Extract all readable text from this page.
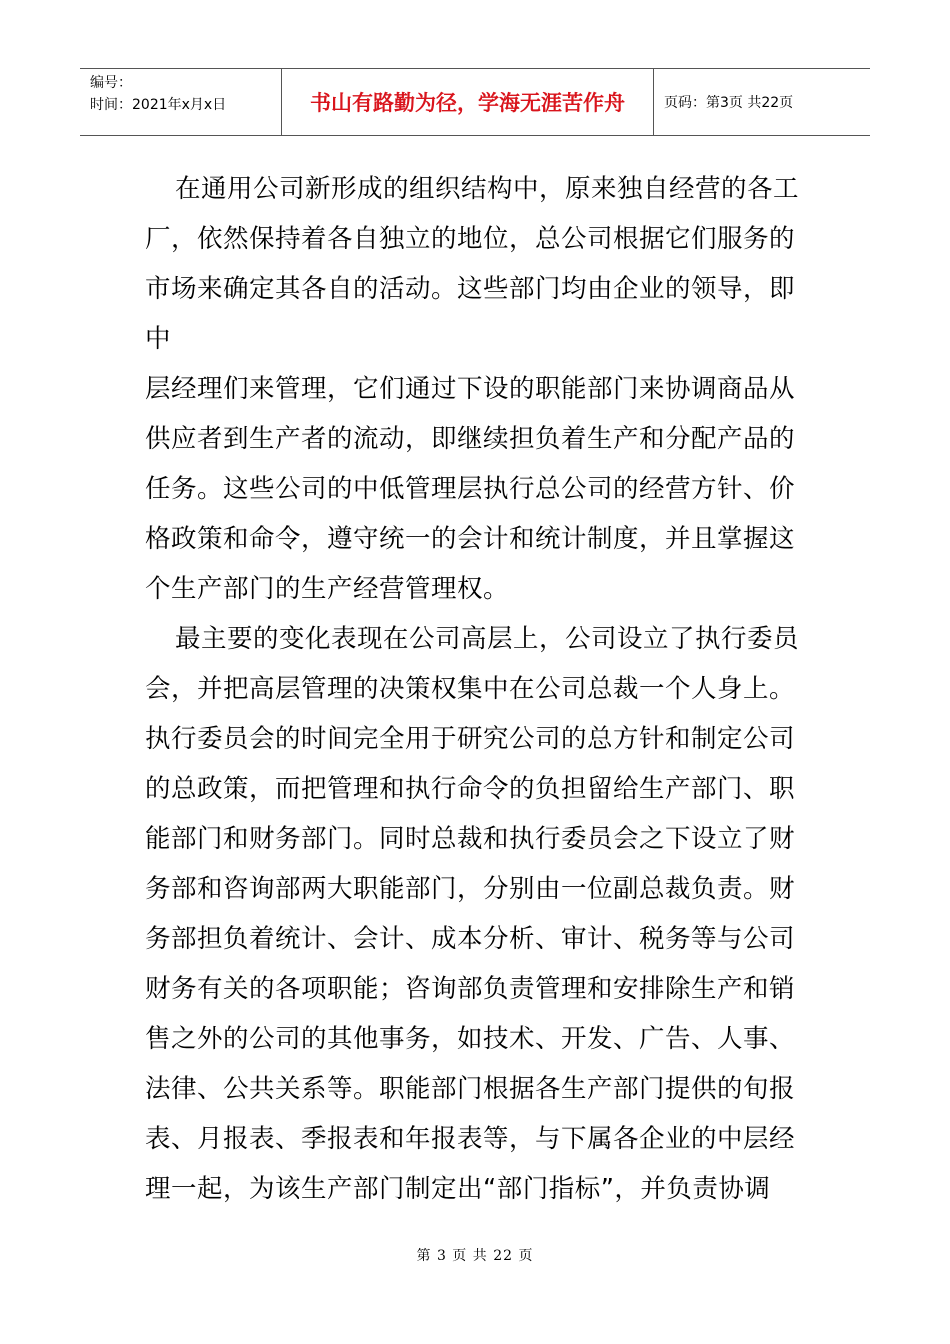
编号：
时间：2021年x月x日	书山有路勤为径，学海无涯苦作舟	页码：第3页 共22页
在通用公司新形成的组织结构中，原来独自经营的各工
厂，依然保持着各自独立的地位，总公司根据它们服务的
市场来确定其各自的活动。这些部门均由企业的领导，即
中
层经理们来管理，它们通过下设的职能部门来协调商品从
供应者到生产者的流动，即继续担负着生产和分配产品的
任务。这些公司的中低管理层执行总公司的经营方针、价
格政策和命令，遵守统一的会计和统计制度，并且掌握这
个生产部门的生产经营管理权。
最主要的变化表现在公司高层上，公司设立了执行委员
会，并把高层管理的决策权集中在公司总裁一个人身上。
执行委员会的时间完全用于研究公司的总方针和制定公司
的总政策，而把管理和执行命令的负担留给生产部门、职
能部门和财务部门。同时总裁和执行委员会之下设立了财
务部和咨询部两大职能部门，分别由一位副总裁负责。财
务部担负着统计、会计、成本分析、审计、税务等与公司
财务有关的各项职能；咨询部负责管理和安排除生产和销
售之外的公司的其他事务，如技术、开发、广告、人事、
法律、公共关系等。职能部门根据各生产部门提供的旬报
表、月报表、季报表和年报表等，与下属各企业的中层经
理一起，为该生产部门制定出“部门指标”，并负责协调
第 3 页 共 22 页
